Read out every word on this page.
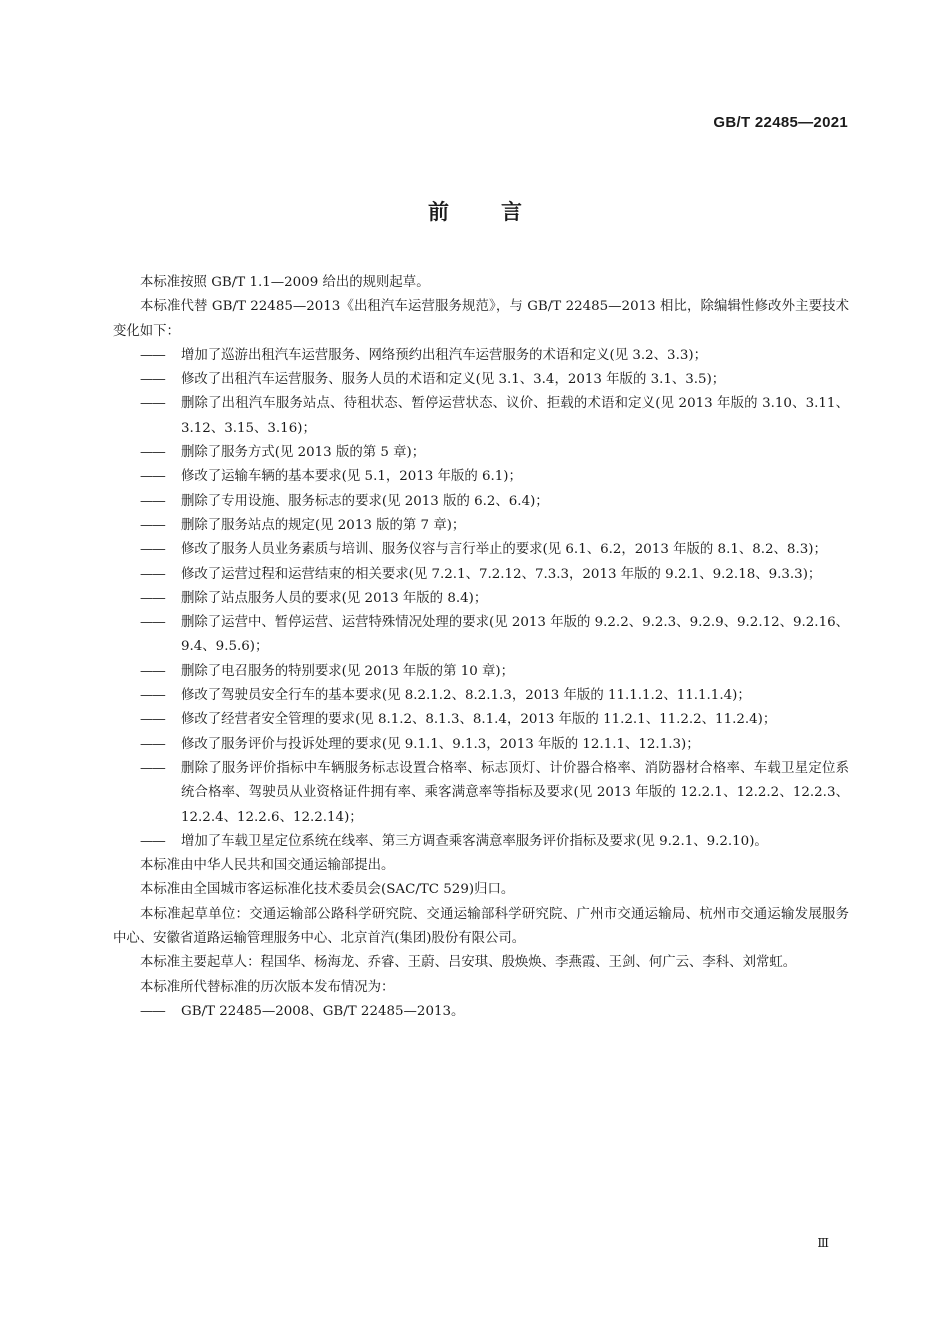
GB/T 22485—2021
前言

本标准按照 GB/T 1.1—2009 给出的规则起草。

本标准代替 GB/T 22485—2013《出租汽车运营服务规范》，与 GB/T 22485—2013 相比，除编辑性修改外主要技术变化如下：

—— 增加了巡游出租汽车运营服务、网络预约出租汽车运营服务的术语和定义(见 3.2、3.3)；
—— 修改了出租汽车运营服务、服务人员的术语和定义(见 3.1、3.4，2013 年版的 3.1、3.5)；
—— 删除了出租汽车服务站点、待租状态、暂停运营状态、议价、拒载的术语和定义(见 2013 年版的 3.10、3.11、3.12、3.15、3.16)；
—— 删除了服务方式(见 2013 版的第 5 章)；
—— 修改了运输车辆的基本要求(见 5.1，2013 年版的 6.1)；
—— 删除了专用设施、服务标志的要求(见 2013 版的 6.2、6.4)；
—— 删除了服务站点的规定(见 2013 版的第 7 章)；
—— 修改了服务人员业务素质与培训、服务仪容与言行举止的要求(见 6.1、6.2，2013 年版的 8.1、8.2、8.3)；
—— 修改了运营过程和运营结束的相关要求(见 7.2.1、7.2.12、7.3.3，2013 年版的 9.2.1、9.2.18、9.3.3)；
—— 删除了站点服务人员的要求(见 2013 年版的 8.4)；
—— 删除了运营中、暂停运营、运营特殊情况处理的要求(见 2013 年版的 9.2.2、9.2.3、9.2.9、9.2.12、9.2.16、9.4、9.5.6)；
—— 删除了电召服务的特别要求(见 2013 年版的第 10 章)；
—— 修改了驾驶员安全行车的基本要求(见 8.2.1.2、8.2.1.3，2013 年版的 11.1.1.2、11.1.1.4)；
—— 修改了经营者安全管理的要求(见 8.1.2、8.1.3、8.1.4，2013 年版的 11.2.1、11.2.2、11.2.4)；
—— 修改了服务评价与投诉处理的要求(见 9.1.1、9.1.3，2013 年版的 12.1.1、12.1.3)；
—— 删除了服务评价指标中车辆服务标志设置合格率、标志顶灯、计价器合格率、消防器材合格率、车载卫星定位系统合格率、驾驶员从业资格证件拥有率、乘客满意率等指标及要求(见 2013 年版的 12.2.1、12.2.2、12.2.3、12.2.4、12.2.6、12.2.14)；
—— 增加了车载卫星定位系统在线率、第三方调查乘客满意率服务评价指标及要求(见 9.2.1、9.2.10)。

本标准由中华人民共和国交通运输部提出。

本标准由全国城市客运标准化技术委员会(SAC/TC 529)归口。

本标准起草单位：交通运输部公路科学研究院、交通运输部科学研究院、广州市交通运输局、杭州市交通运输发展服务中心、安徽省道路运输管理服务中心、北京首汽(集团)股份有限公司。

本标准主要起草人：程国华、杨海龙、乔睿、王蔚、吕安琪、殷焕焕、李燕霞、王剑、何广云、李科、刘常虹。

本标准所代替标准的历次版本发布情况为：

—— GB/T 22485—2008、GB/T 22485—2013。
Ⅲ
